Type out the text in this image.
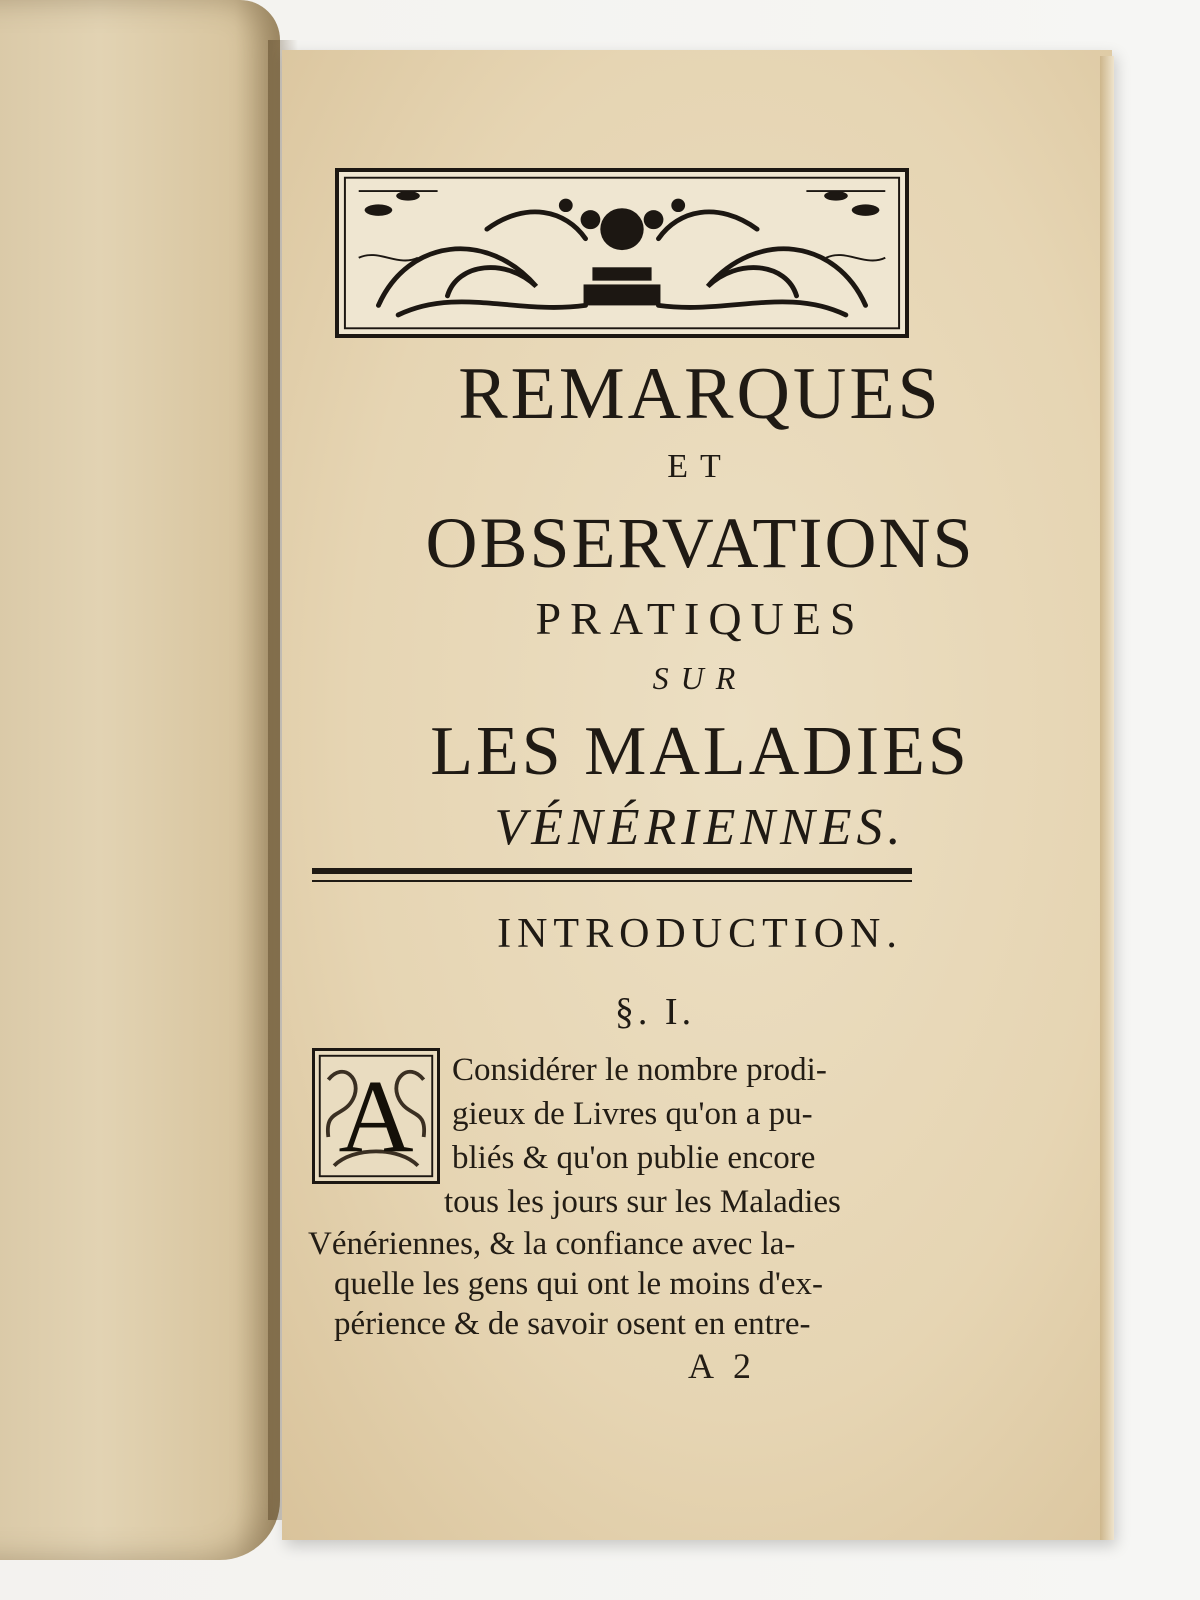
REMARQUES
ET
OBSERVATIONS
PRATIQUES
SUR
LES MALADIES
VÉNÉRIENNES.
INTRODUCTION.
§. I.
A	Considérer le nombre prodi-
gieux de Livres qu'on a pu-
bliés & qu'on publie encore
tous les jours sur les Maladies
Vénériennes, & la confiance avec la-
quelle les gens qui ont le moins d'ex-
périence & de savoir osent en entre-
A 2
